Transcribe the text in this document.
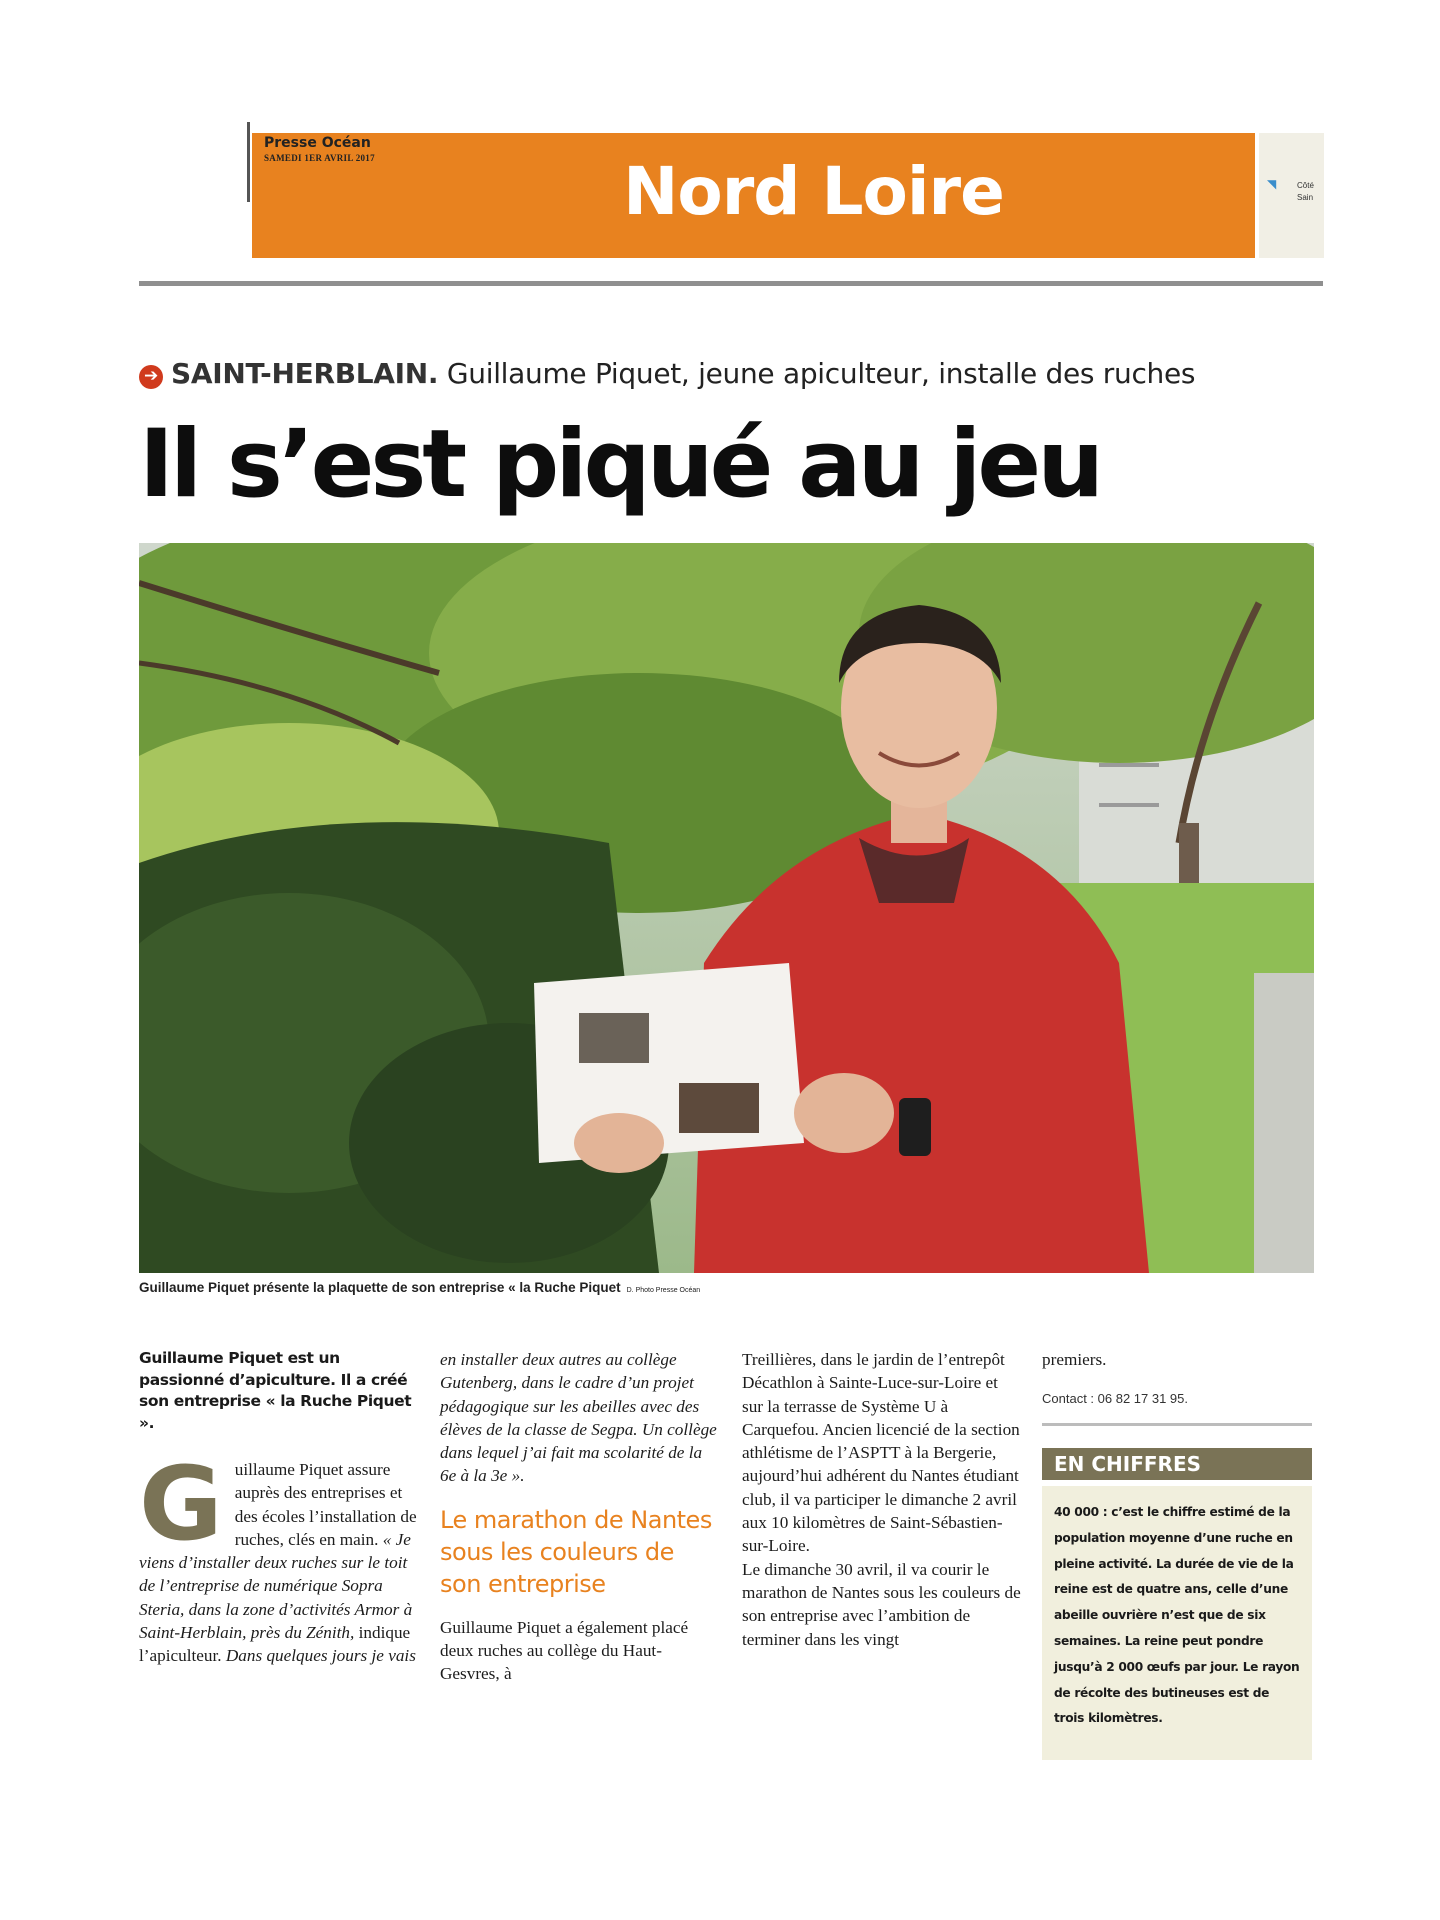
Presse Océan
SAMEDI 1ER AVRIL 2017	Nord Loire	◥	Côté
Sain
➔ SAINT-HERBLAIN. Guillaume Piquet, jeune apiculteur, installe des ruches
Il s’est piqué au jeu
Guillaume Piquet présente la plaquette de son entreprise « la Ruche Piquet D. Photo Presse Océan

Guillaume Piquet est un passionné d’apiculture. Il a créé son entreprise « la Ruche Piquet ».

Guillaume Piquet assure auprès des entreprises et des écoles l’installation de ruches, clés en main. « Je viens d’installer deux ruches sur le toit de l’entreprise de numérique Sopra Steria, dans la zone d’activités Armor à Saint-Herblain, près du Zénith, indique l’apiculteur. Dans quelques jours je vais

en installer deux autres au collège Gutenberg, dans le cadre d’un projet pédagogique sur les abeilles avec des élèves de la classe de Segpa. Un collège dans lequel j’ai fait ma scolarité de la 6e à la 3e ».

Le marathon de Nantes sous les couleurs de son entreprise

Guillaume Piquet a également placé deux ruches au collège du Haut-Gesvres, à

Treillières, dans le jardin de l’entrepôt Décathlon à Sainte-Luce-sur-Loire et sur la terrasse de Système U à Carquefou. Ancien licencié de la section athlétisme de l’ASPTT à la Bergerie, aujourd’hui adhérent du Nantes étudiant club, il va participer le dimanche 2 avril aux 10 kilomètres de Saint-Sébastien-sur-Loire.

Le dimanche 30 avril, il va courir le marathon de Nantes sous les couleurs de son entreprise avec l’ambition de terminer dans les vingt

premiers.

Contact : 06 82 17 31 95.

EN CHIFFRES
40 000 : c’est le chiffre estimé de la population moyenne d’une ruche en pleine activité. La durée de vie de la reine est de quatre ans, celle d’une abeille ouvrière n’est que de six semaines. La reine peut pondre jusqu’à 2 000 œufs par jour. Le rayon de récolte des butineuses est de trois kilomètres.
